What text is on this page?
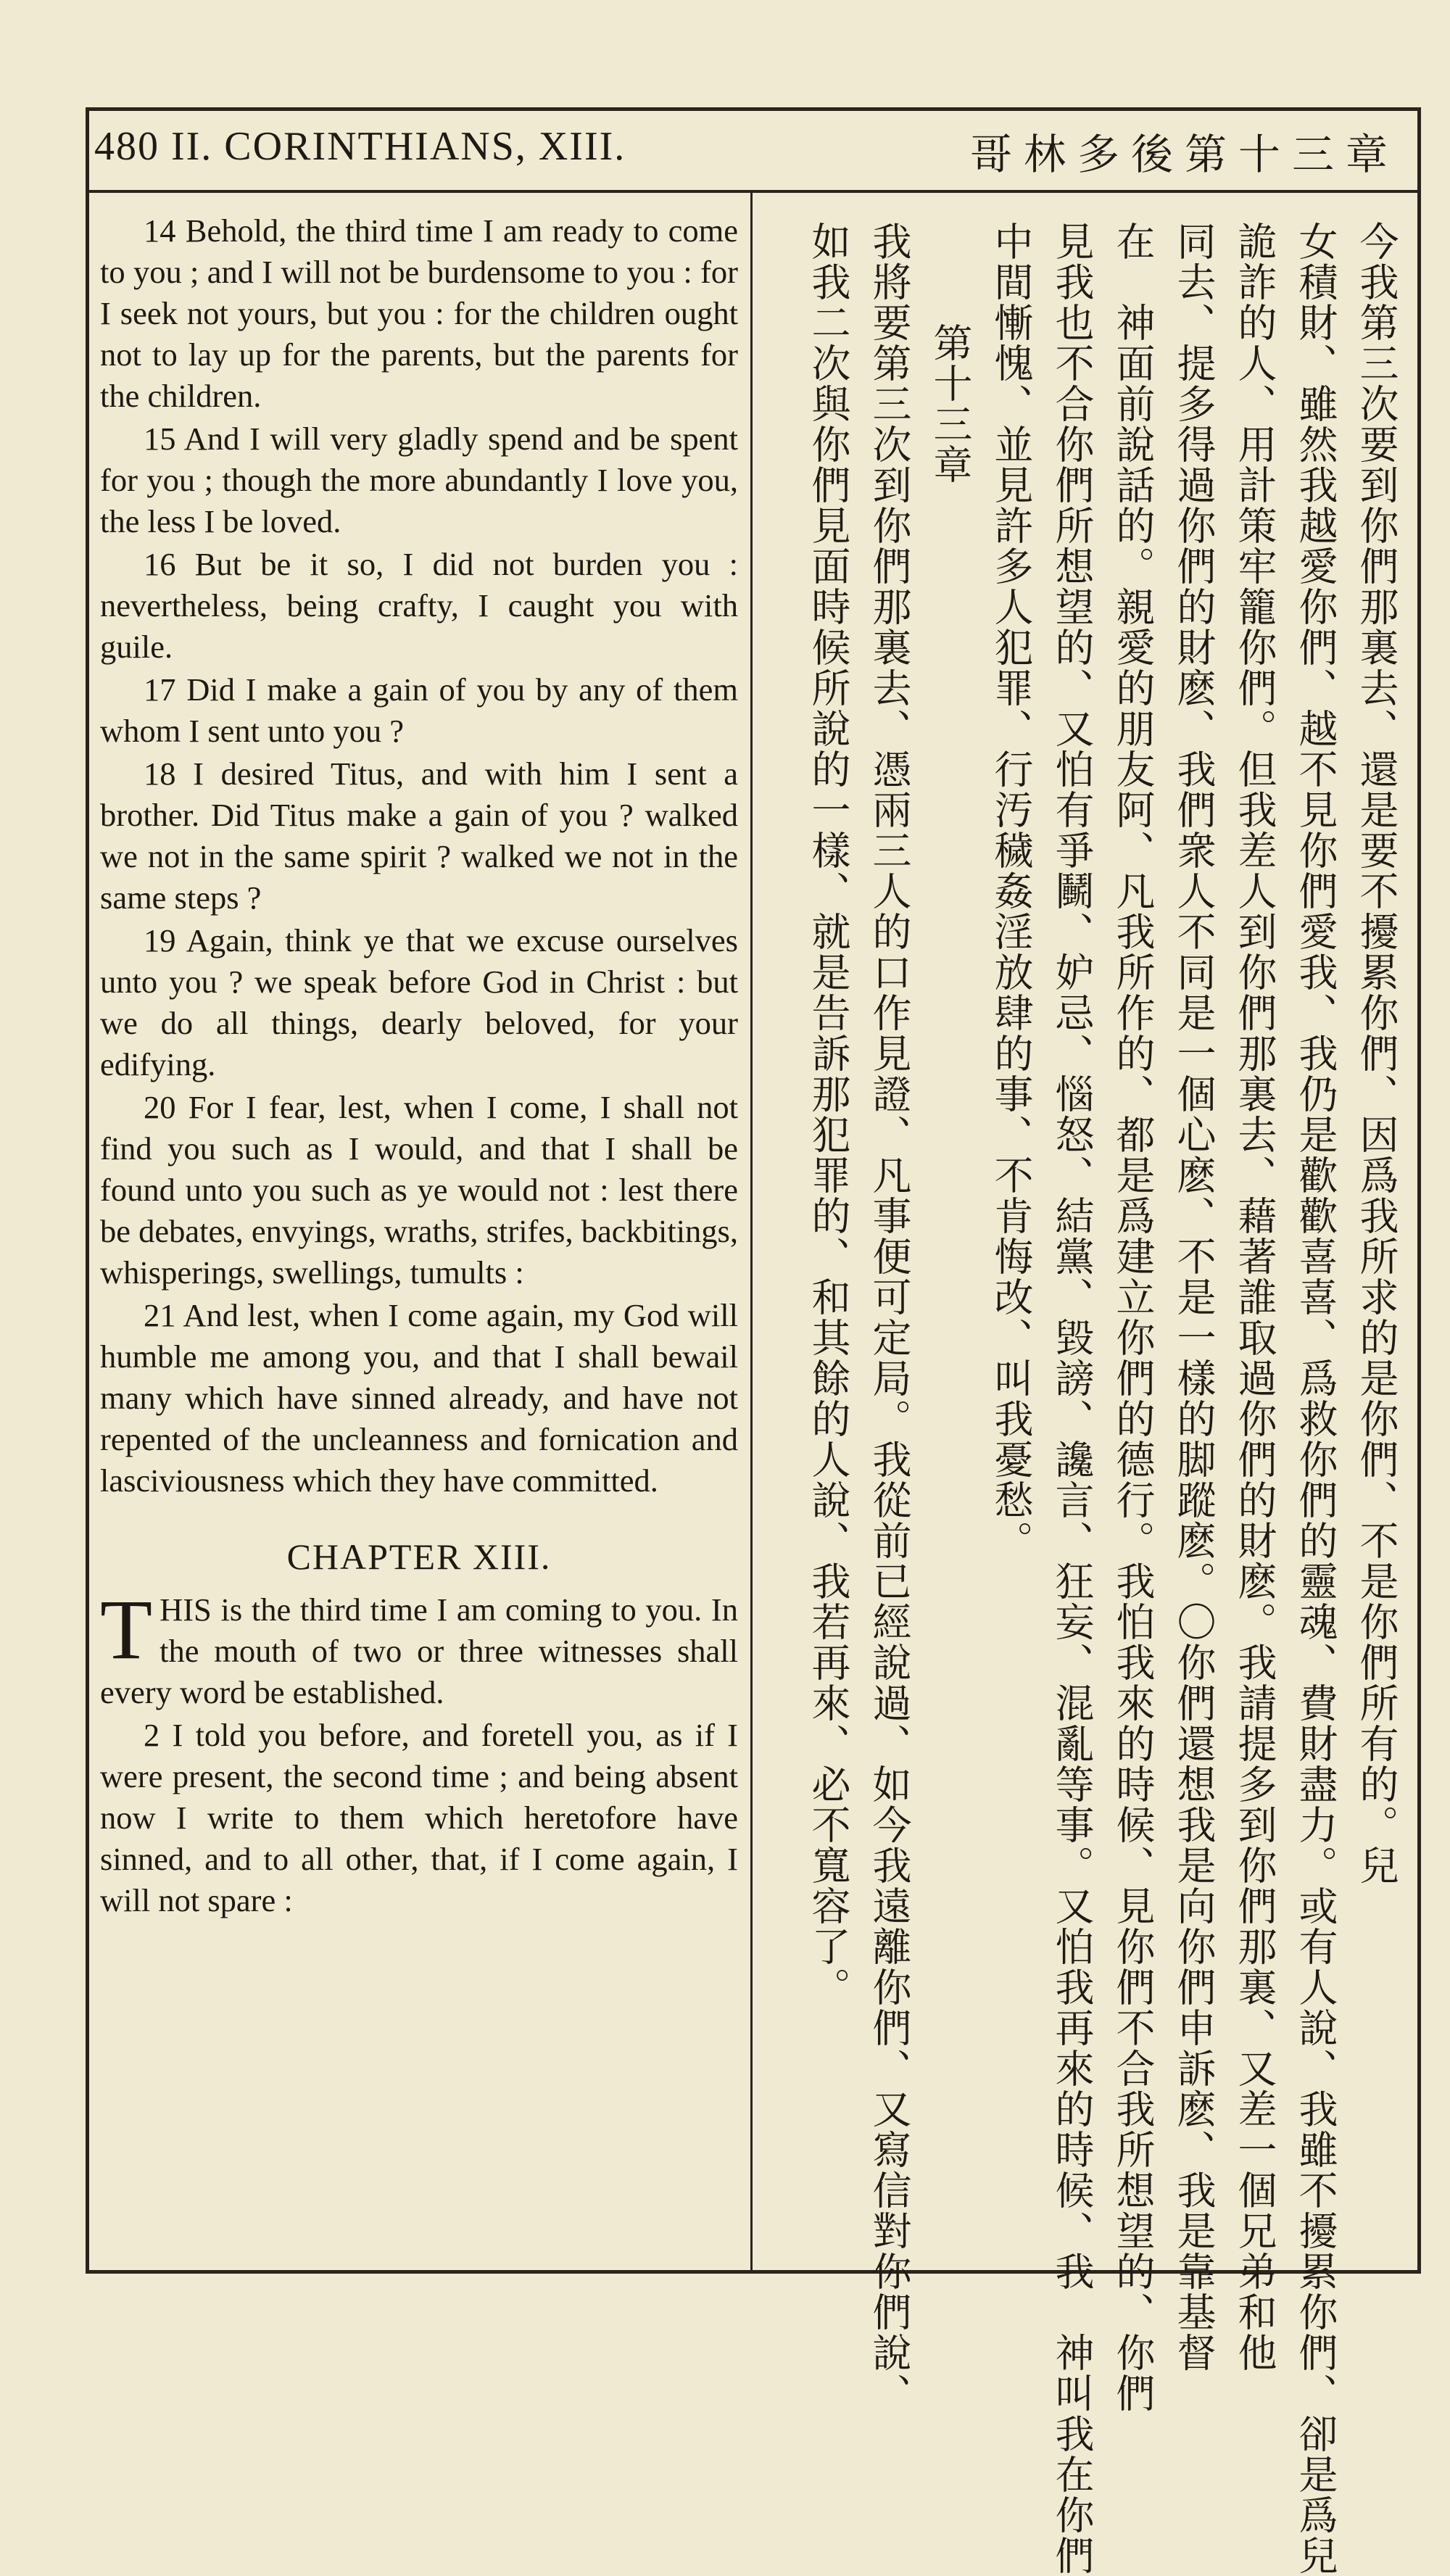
480 II. CORINTHIANS, XIII.	哥林多後第十三章

14 Behold, the third time I am ready to come to you ; and I will not be burdensome to you : for I seek not yours, but you : for the children ought not to lay up for the parents, but the parents for the children.

15 And I will very gladly spend and be spent for you ; though the more abundantly I love you, the less I be loved.

16 But be it so, I did not burden you : nevertheless, being crafty, I caught you with guile.

17 Did I make a gain of you by any of them whom I sent unto you ?

18 I desired Titus, and with him I sent a brother. Did Titus make a gain of you ? walked we not in the same spirit ? walked we not in the same steps ?

19 Again, think ye that we excuse ourselves unto you ? we speak before God in Christ : but we do all things, dearly beloved, for your edifying.

20 For I fear, lest, when I come, I shall not find you such as I would, and that I shall be found unto you such as ye would not : lest there be debates, envyings, wraths, strifes, backbitings, whisperings, swellings, tumults :

21 And lest, when I come again, my God will humble me among you, and that I shall bewail many which have sinned already, and have not repented of the uncleanness and fornication and lasciviousness which they have committed.

CHAPTER XIII.

THIS is the third time I am coming to you. In the mouth of two or three witnesses shall every word be established.

2 I told you before, and foretell you, as if I were present, the second time ; and being absent now I write to them which heretofore have sinned, and to all other, that, if I come again, I will not spare :

今我第三次要到你們那裏去、還是要不擾累你們、因爲我所求的是你們、不是你們所有的。兒
女積財、雖然我越愛你們、越不見你們愛我、我仍是歡歡喜喜、爲救你們的靈魂、費財盡力。或有人說、我雖不擾累你們、卻是爲兒
詭詐的人、用計策牢籠你們。但我差人到你們那裏去、藉著誰取過你們的財麽。我請提多到你們那裏、又差一個兄弟和他
同去、提多得過你們的財麽、我們衆人不同是一個心麽、不是一樣的脚蹤麽。〇你們還想我是向你們申訴麽、我是靠基督
在　神面前說話的。親愛的朋友阿、凡我所作的、都是爲建立你們的德行。我怕我來的時候、見你們不合我所想望的、你們
見我也不合你們所想望的、又怕有爭鬭、妒忌、惱怒、結黨、毀謗、讒言、狂妄、混亂等事。又怕我再來的時候、我　神叫我在你們
中間慚愧、並見許多人犯罪、行汚穢姦淫放肆的事、不肯悔改、叫我憂愁。
第十三章
我將要第三次到你們那裏去、憑兩三人的口作見證、凡事便可定局。我從前已經說過、如今我遠離你們、又寫信對你們說、
如我二次與你們見面時候所說的一樣、就是告訴那犯罪的、和其餘的人說、我若再來、必不寬容了。
